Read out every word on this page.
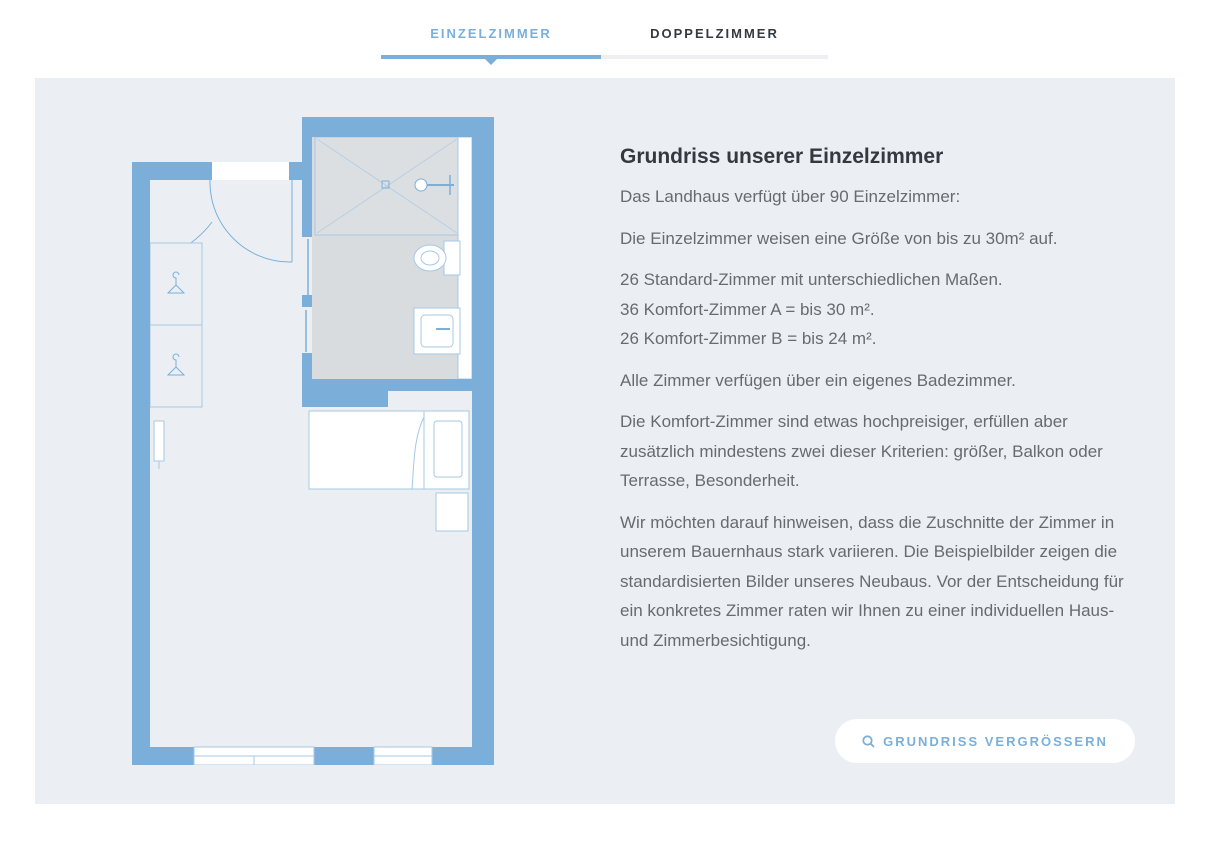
EINZELZIMMER	DOPPELZIMMER
Grundriss unserer Einzelzimmer

Das Landhaus verfügt über 90 Einzelzimmer:

Die Einzelzimmer weisen eine Größe von bis zu 30m² auf.

26 Standard-Zimmer mit unterschiedlichen Maßen.
36 Komfort-Zimmer A = bis 30 m².
26 Komfort-Zimmer B = bis 24 m².

Alle Zimmer verfügen über ein eigenes Badezimmer.

Die Komfort-Zimmer sind etwas hochpreisiger, erfüllen aber zusätzlich mindestens zwei dieser Kriterien: größer, Balkon oder Terrasse, Besonderheit.

Wir möchten darauf hinweisen, dass die Zuschnitte der Zimmer in unserem Bauernhaus stark variieren. Die Beispielbilder zeigen die standardisierten Bilder unseres Neubaus. Vor der Entscheidung für ein konkretes Zimmer raten wir Ihnen zu einer individuellen Haus- und Zimmerbesichtigung.

GRUNDRISS VERGRÖSSERN
